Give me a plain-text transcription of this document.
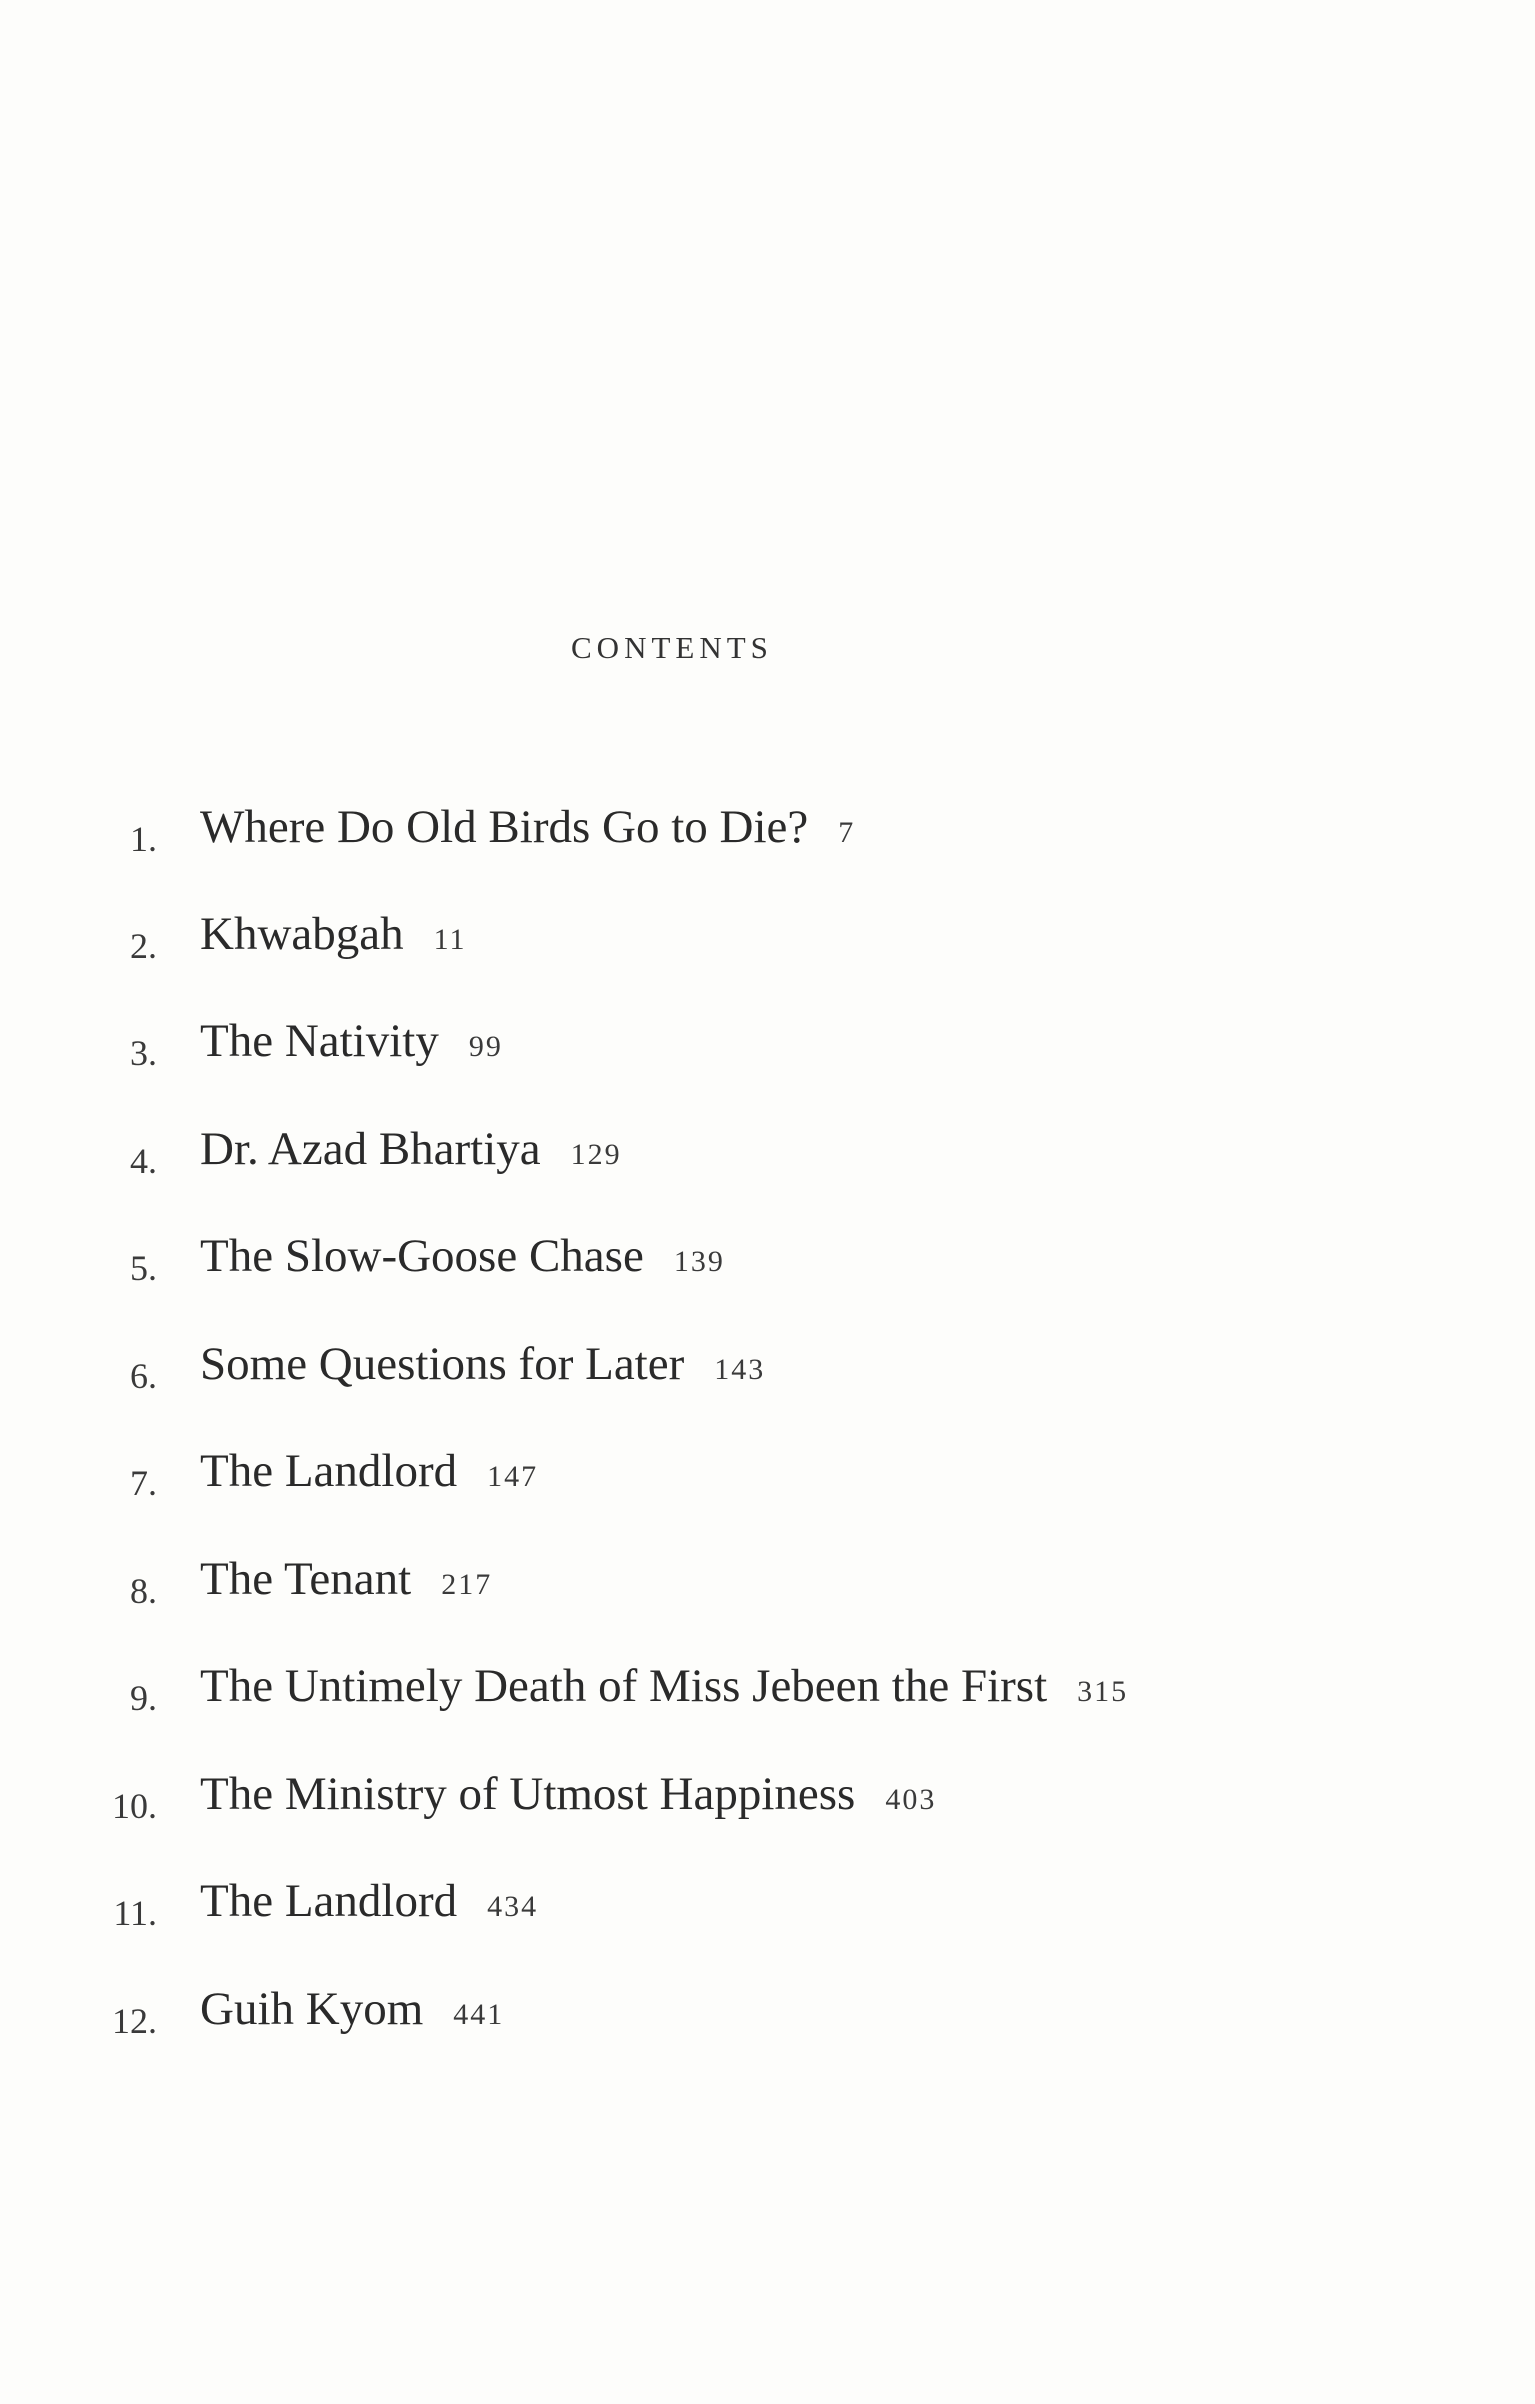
CONTENTS
1. Where Do Old Birds Go to Die? 7
2. Khwabgah 11
3. The Nativity 99
4. Dr. Azad Bhartiya 129
5. The Slow-Goose Chase 139
6. Some Questions for Later 143
7. The Landlord 147
8. The Tenant 217
9. The Untimely Death of Miss Jebeen the First 315
10. The Ministry of Utmost Happiness 403
11. The Landlord 434
12. Guih Kyom 441
